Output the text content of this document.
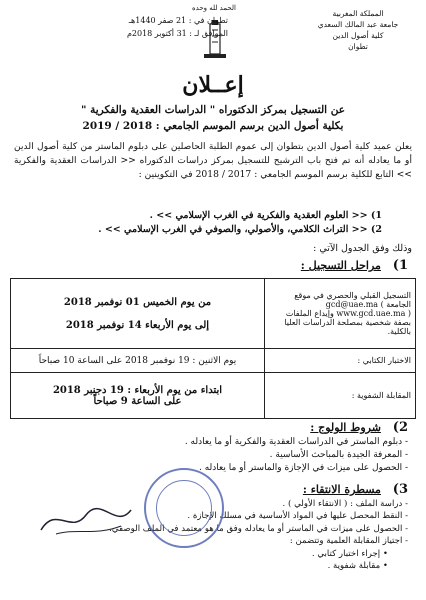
المملكة المغربية
جامعة عبد المالك السعدي
كلية أصول الدين
تطوان
الحمد لله وحده
تطوان في : 21 صفر 1440هـ
الموافق لـ : 31 أكتوبر 2018م
إعــلان
عن التسجيل بمركز الدكتوراه " الدراسات العقدية والفكرية "
بكلية أصول الدين برسم الموسم الجامعي : 2018 / 2019
يعلن عميد كلية أصول الدين بتطوان إلى عموم الطلبة الحاصلين على دبلوم الماستر من كلية أصول الدين أو ما يعادله أنه تم فتح باب الترشيح للتسجيل بمركز دراسات الدكتوراه << الدراسات العقدية والفكرية >> التابع للكلية برسم الموسم الجامعي : 2017 / 2018 في التكوينين :
1) << العلوم العقدية والفكرية في الغرب الإسلامي >> .
2) << التراث الكلامي، والأصولي، والصوفي في الغرب الإسلامي >> .
وذلك وفق الجدول الآتي :
1) مراحل التسجيل :
التسجيل القبلي والحصري في موقع الجامعة gcd@uae.ma ( www.gcd.uae.ma ) وإيداع الملفات بصفة شخصية بمصلحة الدراسات العليا بالكلية.	من يوم الخميس 01 نوفمبر 2018
إلى يوم الأربعاء 14 نوفمبر 2018

الاختبار الكتابي :	يوم الاثنين : 19 نوفمبر 2018 على الساعة 10 صباحاً

المقابلة الشفوية :	ابتداء من يوم الأربعاء : 19 دجنبر 2018
على الساعة 9 صباحاً
2) شروط الولوج :
- دبلوم الماستر في الدراسات العقدية والفكرية أو ما يعادله .
- المعرفة الجيدة بالمباحث الأساسية .
- الحصول على ميزات في الإجازة والماستر أو ما يعادله .
3) مسطرة الانتقاء :
- دراسة الملف : ( الانتقاء الأولي ) .
- النقط المحصل عليها في المواد الأساسية في مسلك الإجازة .
- الحصول على ميزات في الماستر أو ما يعادله وفق ما هو معتمد في الملف الوصفي.
- اجتياز المقابلة العلمية وتتضمن :
• إجراء اختبار كتابي .
• مقابلة شفوية .
